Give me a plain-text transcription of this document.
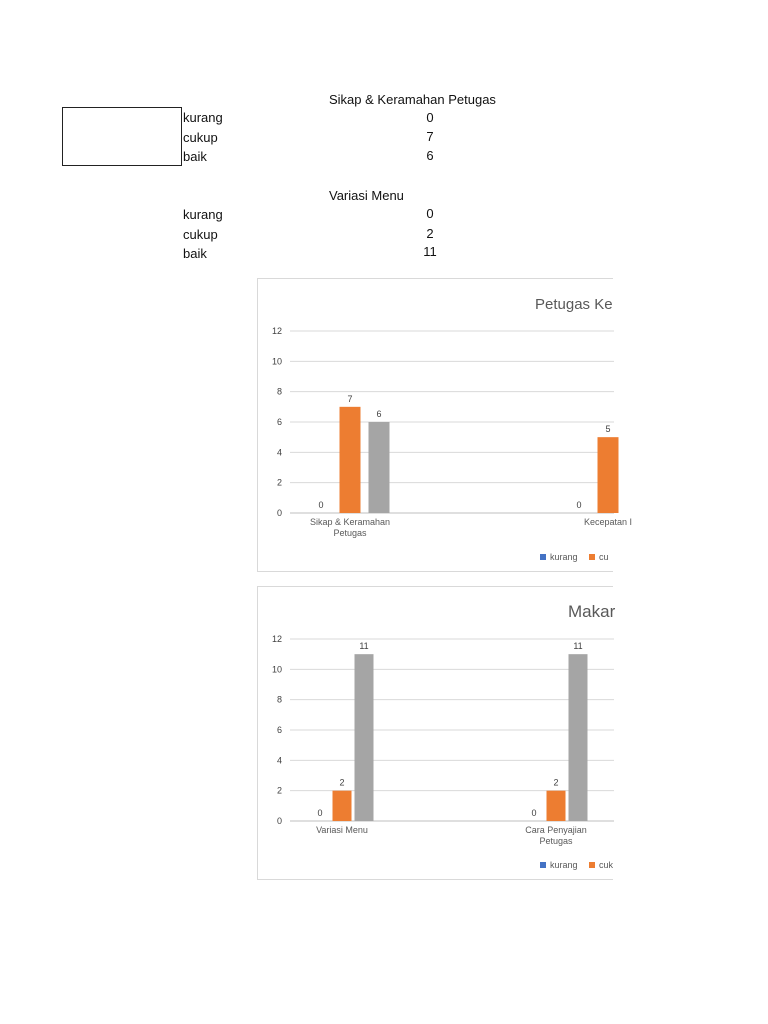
Sikap & Keramahan Petugas
kurang	0
cukup	7
baik	6
Variasi Menu
kurang	0
cukup	2
baik	11
Petugas Ke
0
2
4
6
8
10
12
0	0
7
5
6
Sikap & Keramahan
Petugas
Kecepatan I
kurang cu
Makar
0
2
4
6
8
10
12
0	0
2	2
11	11
Variasi Menu	Cara Penyajian
Petugas
kurang cuk
